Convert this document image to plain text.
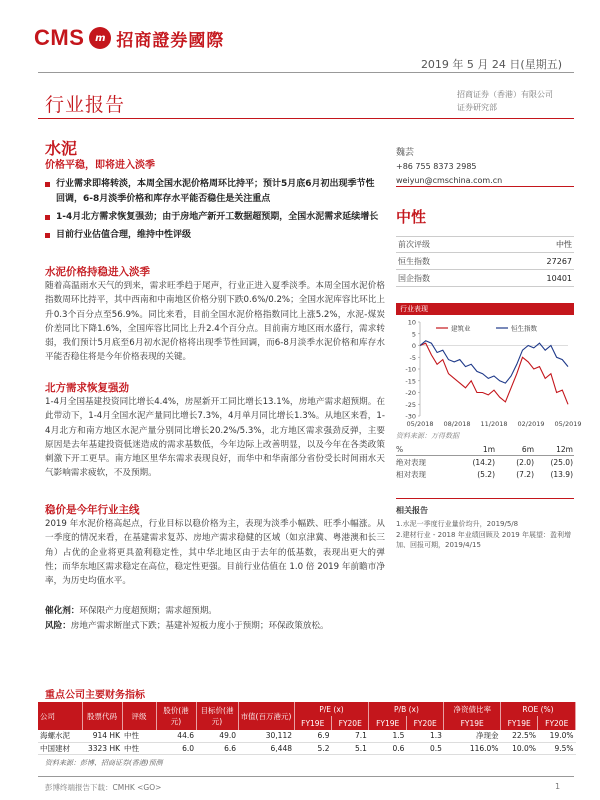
CMS	m 招商證券國際
2019 年 5 月 24 日(星期五)
行业报告	招商证券（香港）有限公司
证券研究部
水泥
价格平稳，即将进入淡季
行业需求即将转淡，本周全国水泥价格周环比持平；预计5月底6月初出现季节性回调，6-8月淡季价格和库存水平能否稳住是关注重点
1-4月北方需求恢复强劲；由于房地产新开工数据超预期，全国水泥需求延续增长
目前行业估值合理，维持中性评级
水泥价格持稳进入淡季
随着高温雨水天气的到来，需求旺季趋于尾声，行业正进入夏季淡季。本周全国水泥价格指数周环比持平，其中西南和中南地区价格分别下跌0.6%/0.2%；全国水泥库容比环比上升0.3个百分点至56.9%。同比来看，目前全国水泥价格指数同比上涨5.2%，水泥-煤炭价差同比下降1.6%，全国库容比同比上升2.4个百分点。目前南方地区雨水盛行，需求转弱，我们预计5月底至6月初水泥价格将出现季节性回调，而6-8月淡季水泥价格和库存水平能否稳住将是今年价格表现的关键。
北方需求恢复强劲
1-4月全国基建投资同比增长4.4%，房屋新开工同比增长13.1%，房地产需求超预期。在此带动下，1-4月全国水泥产量同比增长7.3%，4月单月同比增长1.3%。从地区来看，1-4月北方和南方地区水泥产量分别同比增长20.2%/5.3%，北方地区需求强劲反弹，主要原因是去年基建投资低迷造成的需求基数低，今年边际上改善明显，以及今年在各类政策刺激下开工更早。南方地区里华东需求表现良好，而华中和华南部分省份受长时间雨水天气影响需求疲软，不及预期。
稳价是今年行业主线
2019 年水泥价格高起点，行业目标以稳价格为主，表现为淡季小幅跌、旺季小幅涨。从一季度的情况来看，在基建需求复苏、房地产需求稳健的区域（如京津冀、粤港澳和长三角）占优的企业将更具盈利稳定性，其中华北地区由于去年的低基数，表现出更大的弹性；而华东地区需求稳定在高位，稳定性更强。目前行业估值在 1.0 倍 2019 年前瞻市净率，为历史均值水平。
催化剂：环保限产力度超预期；需求超预期。
风险：房地产需求断崖式下跌；基建补短板力度小于预期；环保政策放松。
魏芸
+86 755 8373 2985
weiyun@cmschina.com.cn
中性
前次评级	中性
恒生指数	27267
国企指数	10401
行业表现
10
5
0
-5
-10
-15
-20
-25
-30
05/2018 08/2018 11/2018 02/2019 05/2019
建筑业	恒生指数
资料来源：万得数据
%	1m	6m	12m
绝对表现	(14.2)	(2.0)	(25.0)
相对表现	(5.2)	(7.2)	(13.9)
相关报告
1.水泥一季度行业量价均升，2019/5/8
2.建材行业 - 2018 年业绩回顾及 2019 年展望：盈利增加、回报可期，2019/4/15
重点公司主要财务指标
公司	股票代码	评级	股价(港元)	目标价(港元)	市值(百万港元)	P/E (x)		P/B (x)		净资债比率	ROE (%)	
						FY19E	FY20E	FY19E	FY20E	FY19E	FY19E	FY20E
海螺水泥	914 HK	中性	44.6	49.0	30,112	6.9	7.1	1.5	1.3	净现金	22.5%	19.0%
中国建材	3323 HK	中性	6.0	6.6	6,448	5.2	5.1	0.6	0.5	116.0%	10.0%	9.5%
资料来源：彭博、招商证券(香港)预测
彭博终端报告下载：CMHK <GO>	1
